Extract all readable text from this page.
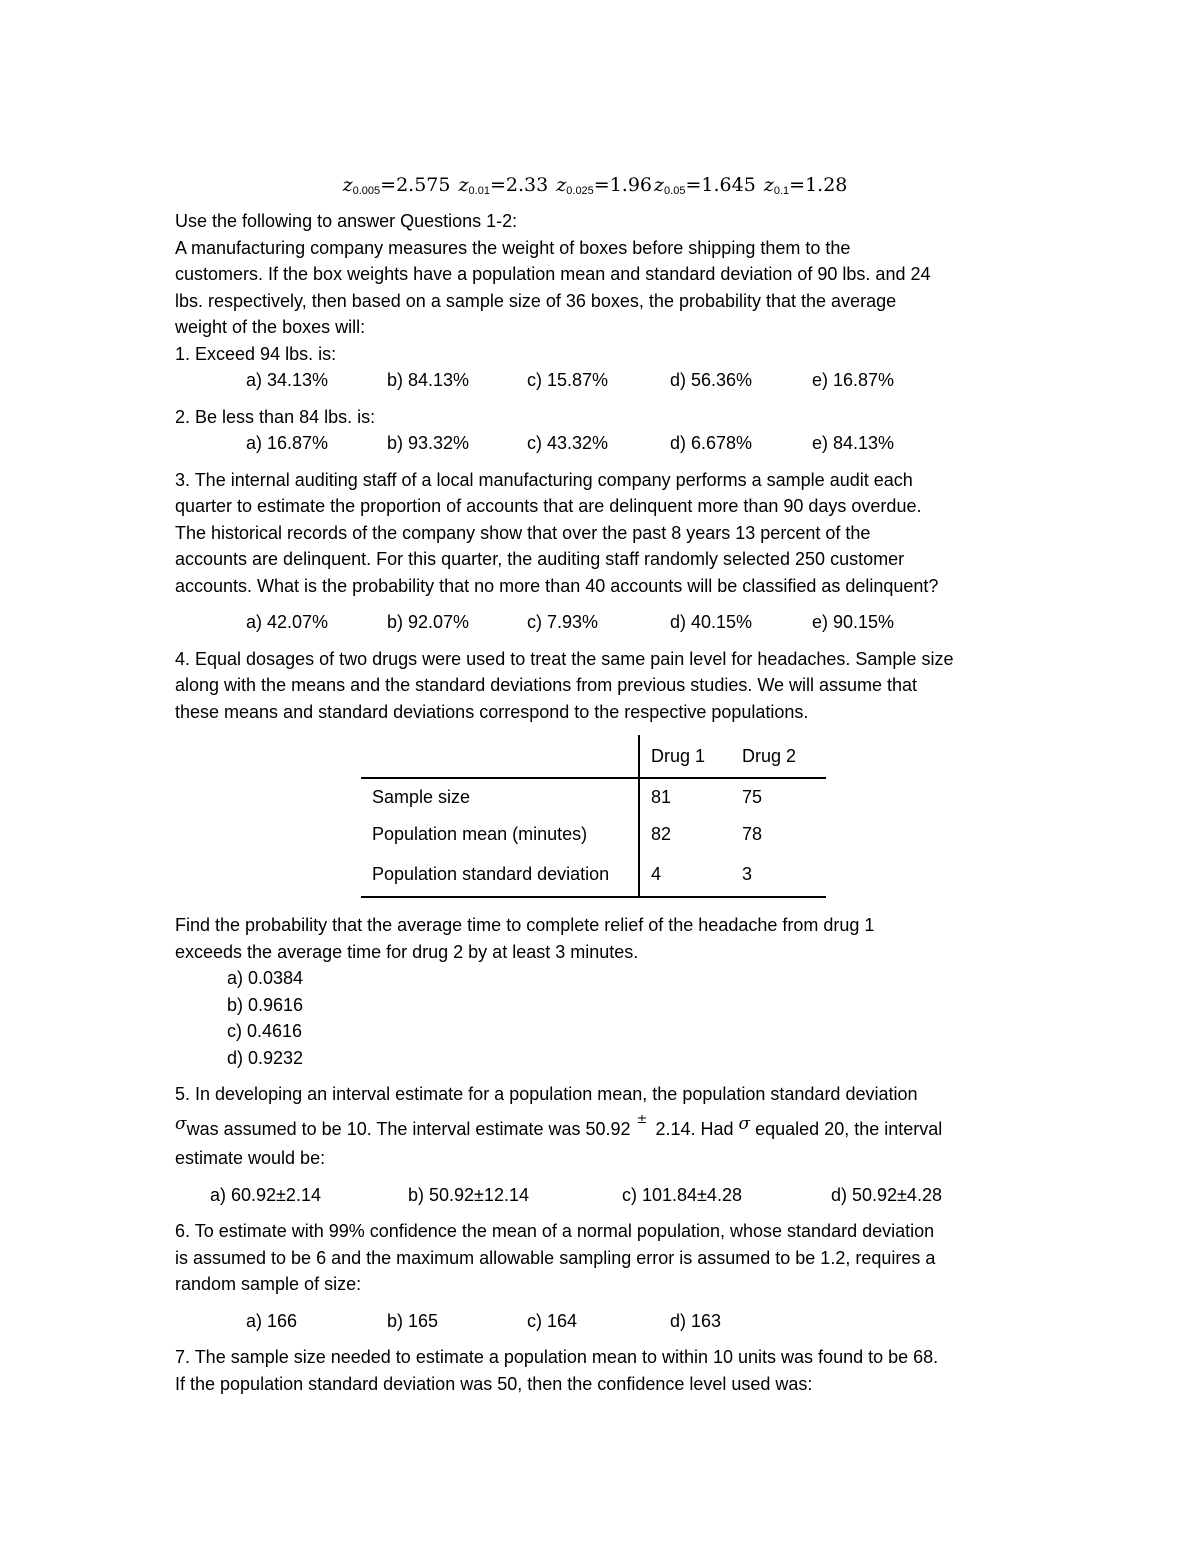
$z_{0.005}=2.575$ $z_{0.01}=2.33$ $z_{0.025}=1.96$ $z_{0.05}=1.645$ $z_{0.1}=1.28$
Use the following to answer Questions 1-2:
A manufacturing company measures the weight of boxes before shipping them to the
customers. If the box weights have a population mean and standard deviation of 90 lbs. and 24
lbs. respectively, then based on a sample size of 36 boxes, the probability that the average
weight of the boxes will:
1. Exceed 94 lbs. is:
a) 34.13%	b) 84.13%	c) 15.87%	d) 56.36%	e) 16.87%
2. Be less than 84 lbs. is:
a) 16.87%	b) 93.32%	c) 43.32%	d) 6.678%	e) 84.13%
3. The internal auditing staff of a local manufacturing company performs a sample audit each
quarter to estimate the proportion of accounts that are delinquent more than 90 days overdue.
The historical records of the company show that over the past 8 years 13 percent of the
accounts are delinquent. For this quarter, the auditing staff randomly selected 250 customer
accounts. What is the probability that no more than 40 accounts will be classified as delinquent?
a) 42.07%	b) 92.07%	c) 7.93%	d) 40.15%	e) 90.15%
4. Equal dosages of two drugs were used to treat the same pain level for headaches. Sample size
along with the means and the standard deviations from previous studies. We will assume that
these means and standard deviations correspond to the respective populations.
	Drug 1	Drug 2
Sample size	81	75
Population mean (minutes)	82	78
Population standard deviation	4	3
Find the probability that the average time to complete relief of the headache from drug 1
exceeds the average time for drug 2 by at least 3 minutes.
a) 0.0384
b) 0.9616
c) 0.4616
d) 0.9232
5. In developing an interval estimate for a population mean, the population standard deviation
σwas assumed to be 10. The interval estimate was 50.92 ± 2.14. Had σ equaled 20, the interval
estimate would be:
a) 60.92±2.14	b) 50.92±12.14	c) 101.84±4.28	d) 50.92±4.28
6. To estimate with 99% confidence the mean of a normal population, whose standard deviation
is assumed to be 6 and the maximum allowable sampling error is assumed to be 1.2, requires a
random sample of size:
a) 166	b) 165	c) 164	d) 163
7. The sample size needed to estimate a population mean to within 10 units was found to be 68.
If the population standard deviation was 50, then the confidence level used was:
